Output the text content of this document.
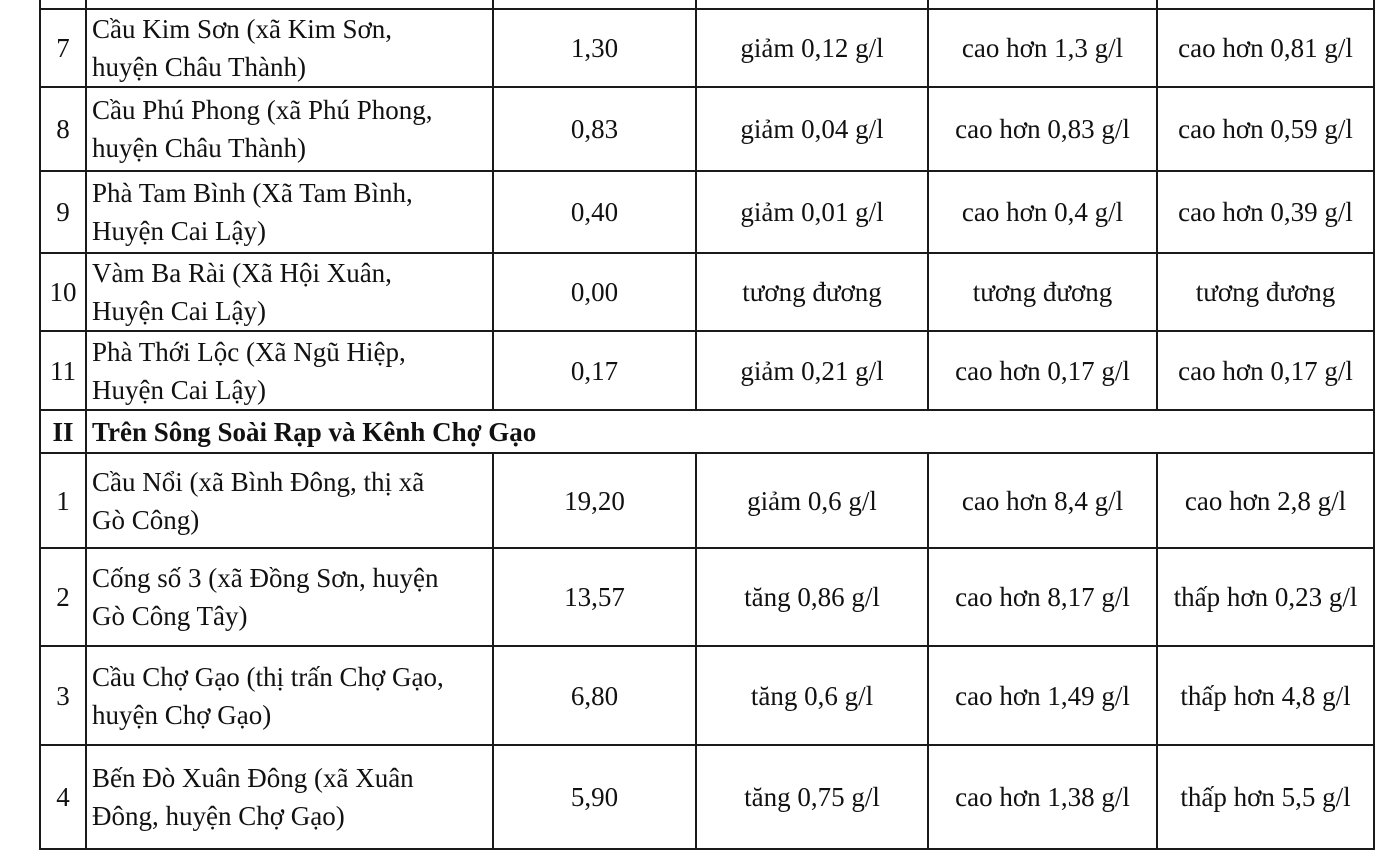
7	Cầu Kim Sơn (xã Kim Sơn,
huyện Châu Thành)	1,30	giảm 0,12 g/l	cao hơn 1,3 g/l	cao hơn 0,81 g/l
8	Cầu Phú Phong (xã Phú Phong,
huyện Châu Thành)	0,83	giảm 0,04 g/l	cao hơn 0,83 g/l	cao hơn 0,59 g/l
9	Phà Tam Bình (Xã Tam Bình,
Huyện Cai Lậy)	0,40	giảm 0,01 g/l	cao hơn 0,4 g/l	cao hơn 0,39 g/l
10	Vàm Ba Rài (Xã Hội Xuân,
Huyện Cai Lậy)	0,00	tương đương	tương đương	tương đương
11	Phà Thới Lộc (Xã Ngũ Hiệp,
Huyện Cai Lậy)	0,17	giảm 0,21 g/l	cao hơn 0,17 g/l	cao hơn 0,17 g/l
II	Trên Sông Soài Rạp và Kênh Chợ Gạo				
1	Cầu Nổi (xã Bình Đông, thị xã
Gò Công)	19,20	giảm 0,6 g/l	cao hơn 8,4 g/l	cao hơn 2,8 g/l
2	Cống số 3 (xã Đồng Sơn, huyện
Gò Công Tây)	13,57	tăng 0,86 g/l	cao hơn 8,17 g/l	thấp hơn 0,23 g/l
3	Cầu Chợ Gạo (thị trấn Chợ Gạo,
huyện Chợ Gạo)	6,80	tăng 0,6 g/l	cao hơn 1,49 g/l	thấp hơn 4,8 g/l
4	Bến Đò Xuân Đông (xã Xuân
Đông, huyện Chợ Gạo)	5,90	tăng 0,75 g/l	cao hơn 1,38 g/l	thấp hơn 5,5 g/l
